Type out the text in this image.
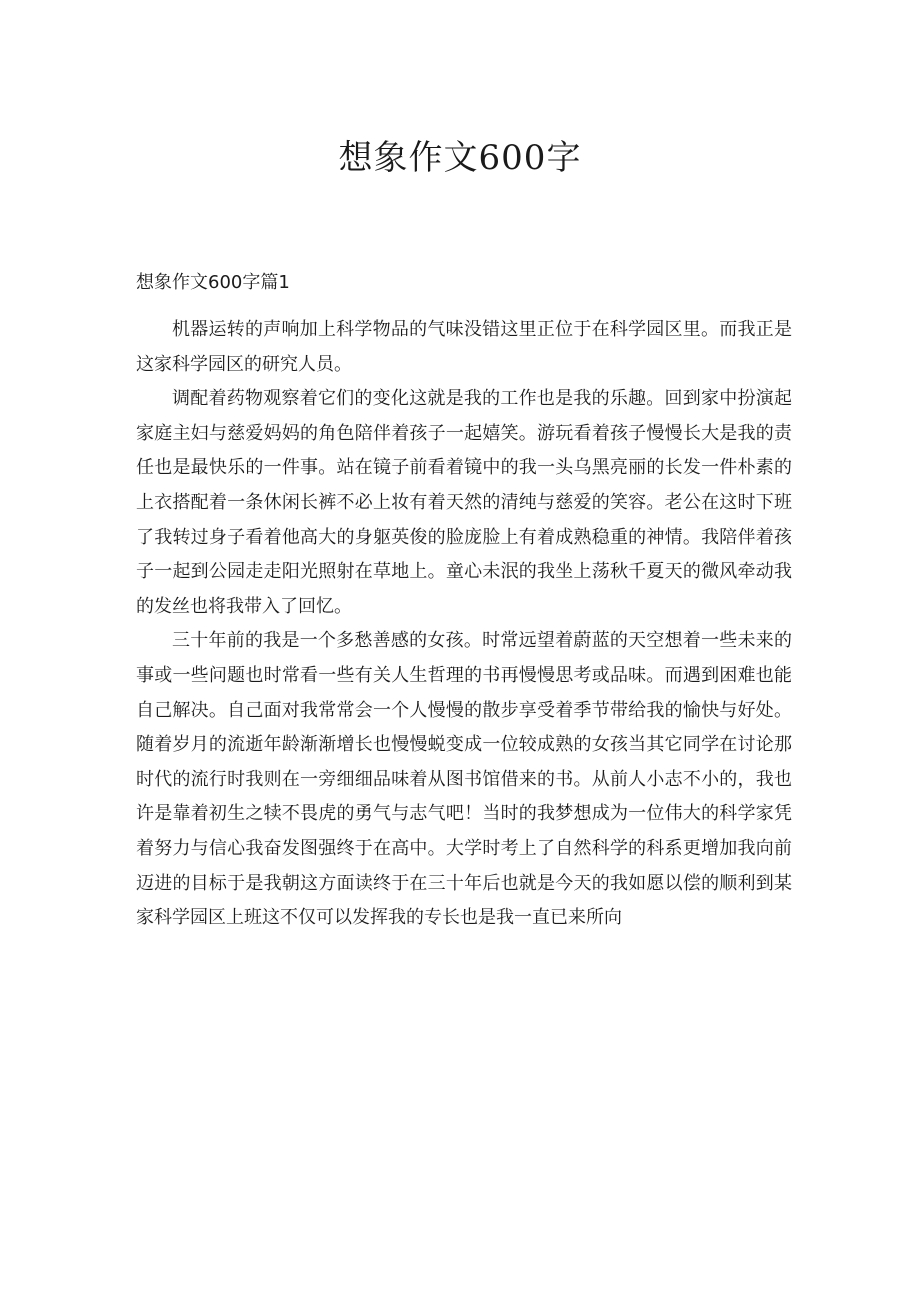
想象作文600字
想象作文600字篇1

机器运转的声响加上科学物品的气味没错这里正位于在科学园区里。而我正是这家科学园区的研究人员。

调配着药物观察着它们的变化这就是我的工作也是我的乐趣。回到家中扮演起家庭主妇与慈爱妈妈的角色陪伴着孩子一起嬉笑。游玩看着孩子慢慢长大是我的责任也是最快乐的一件事。站在镜子前看着镜中的我一头乌黑亮丽的长发一件朴素的上衣搭配着一条休闲长裤不必上妆有着天然的清纯与慈爱的笑容。老公在这时下班了我转过身子看着他高大的身躯英俊的脸庞脸上有着成熟稳重的神情。我陪伴着孩子一起到公园走走阳光照射在草地上。童心未泯的我坐上荡秋千夏天的微风牵动我的发丝也将我带入了回忆。

三十年前的我是一个多愁善感的女孩。时常远望着蔚蓝的天空想着一些未来的事或一些问题也时常看一些有关人生哲理的书再慢慢思考或品味。而遇到困难也能自己解决。自己面对我常常会一个人慢慢的散步享受着季节带给我的愉快与好处。随着岁月的流逝年龄渐渐增长也慢慢蜕变成一位较成熟的女孩当其它同学在讨论那时代的流行时我则在一旁细细品味着从图书馆借来的书。从前人小志不小的，我也许是靠着初生之犊不畏虎的勇气与志气吧！当时的我梦想成为一位伟大的科学家凭着努力与信心我奋发图强终于在高中。大学时考上了自然科学的科系更增加我向前迈进的目标于是我朝这方面读终于在三十年后也就是今天的我如愿以偿的顺利到某家科学园区上班这不仅可以发挥我的专长也是我一直已来所向
